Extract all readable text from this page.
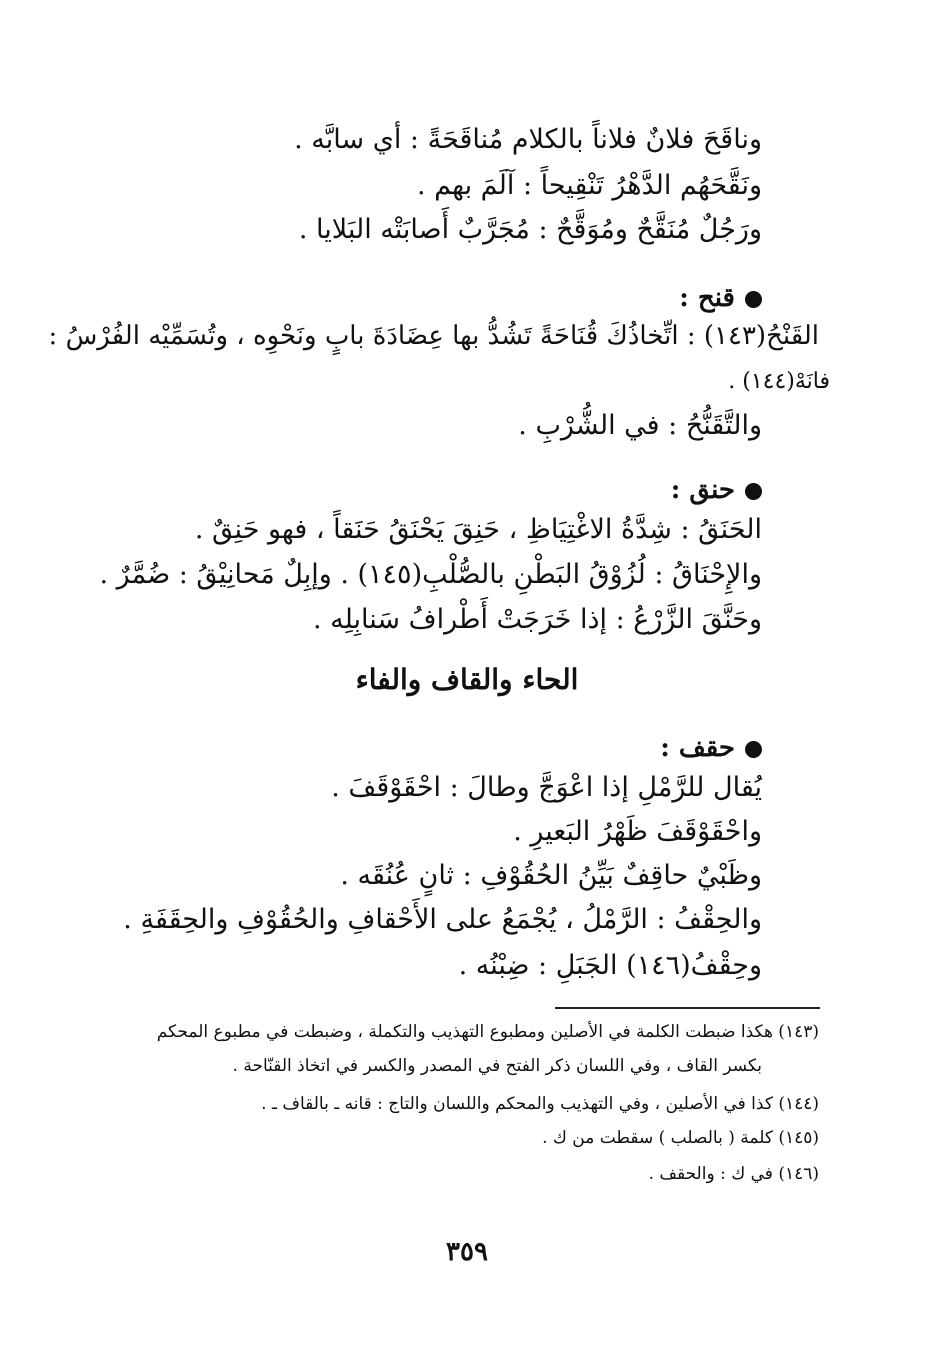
وناقَحَ فلانٌ فلاناً بالكلام مُناقَحَةً : أي سابَّه .
ونَقَّحَهُم الدَّهْرُ تَنْقِيحاً : آلَمَ بهم .
ورَجُلٌ مُنَقَّحٌ ومُوَقَّحٌ : مُجَرَّبٌ أَصابَتْه البَلايا .
قنح :
القَنْحُ(١٤٣) : اتِّخاذُكَ قُنَاحَةً تَشُدُّ بها عِضَادَةَ بابٍ ونَحْوِه ، وتُسَمِّيْه الفُرْسُ :
فانَهْ(١٤٤) .
والتَّقَنُّحُ : في الشُّرْبِ .
حنق :
الحَنَقُ : شِدَّةُ الاغْتِيَاظِ ، حَنِقَ يَحْنَقُ حَنَقاً ، فهو حَنِقٌ .
والإِحْنَاقُ : لُزُوْقُ البَطْنِ بالصُّلْبِ(١٤٥) . وإبِلٌ مَحانِيْقُ : ضُمَّرٌ .
وحَنَّقَ الزَّرْعُ : إذا خَرَجَتْ أَطْرافُ سَنابِلِه .
الحاء والقاف والفاء
حقف :
يُقال للرَّمْلِ إذا اعْوَجَّ وطالَ : احْقَوْقَفَ .
واحْقَوْقَفَ ظَهْرُ البَعيرِ .
وظَبْيٌ حاقِفٌ بَيِّنُ الحُقُوْفِ : ثانٍ عُنُقَه .
والحِقْفُ : الرَّمْلُ ، يُجْمَعُ على الأَحْقافِ والحُقُوْفِ والحِقَفَةِ .
وحِقْفُ(١٤٦) الجَبَلِ : ضِبْنُه .
(١٤٣) هكذا ضبطت الكلمة في الأصلين ومطبوع التهذيب والتكملة ، وضبطت في مطبوع المحكم
بكسر القاف ، وفي اللسان ذكر الفتح في المصدر والكسر في اتخاذ القنّاحة .
(١٤٤) كذا في الأصلين ، وفي التهذيب والمحكم واللسان والتاج : قانه ـ بالقاف ـ .
(١٤٥) كلمة ( بالصلب ) سقطت من ك .
(١٤٦) في ك : والحقف .
٣٥٩
